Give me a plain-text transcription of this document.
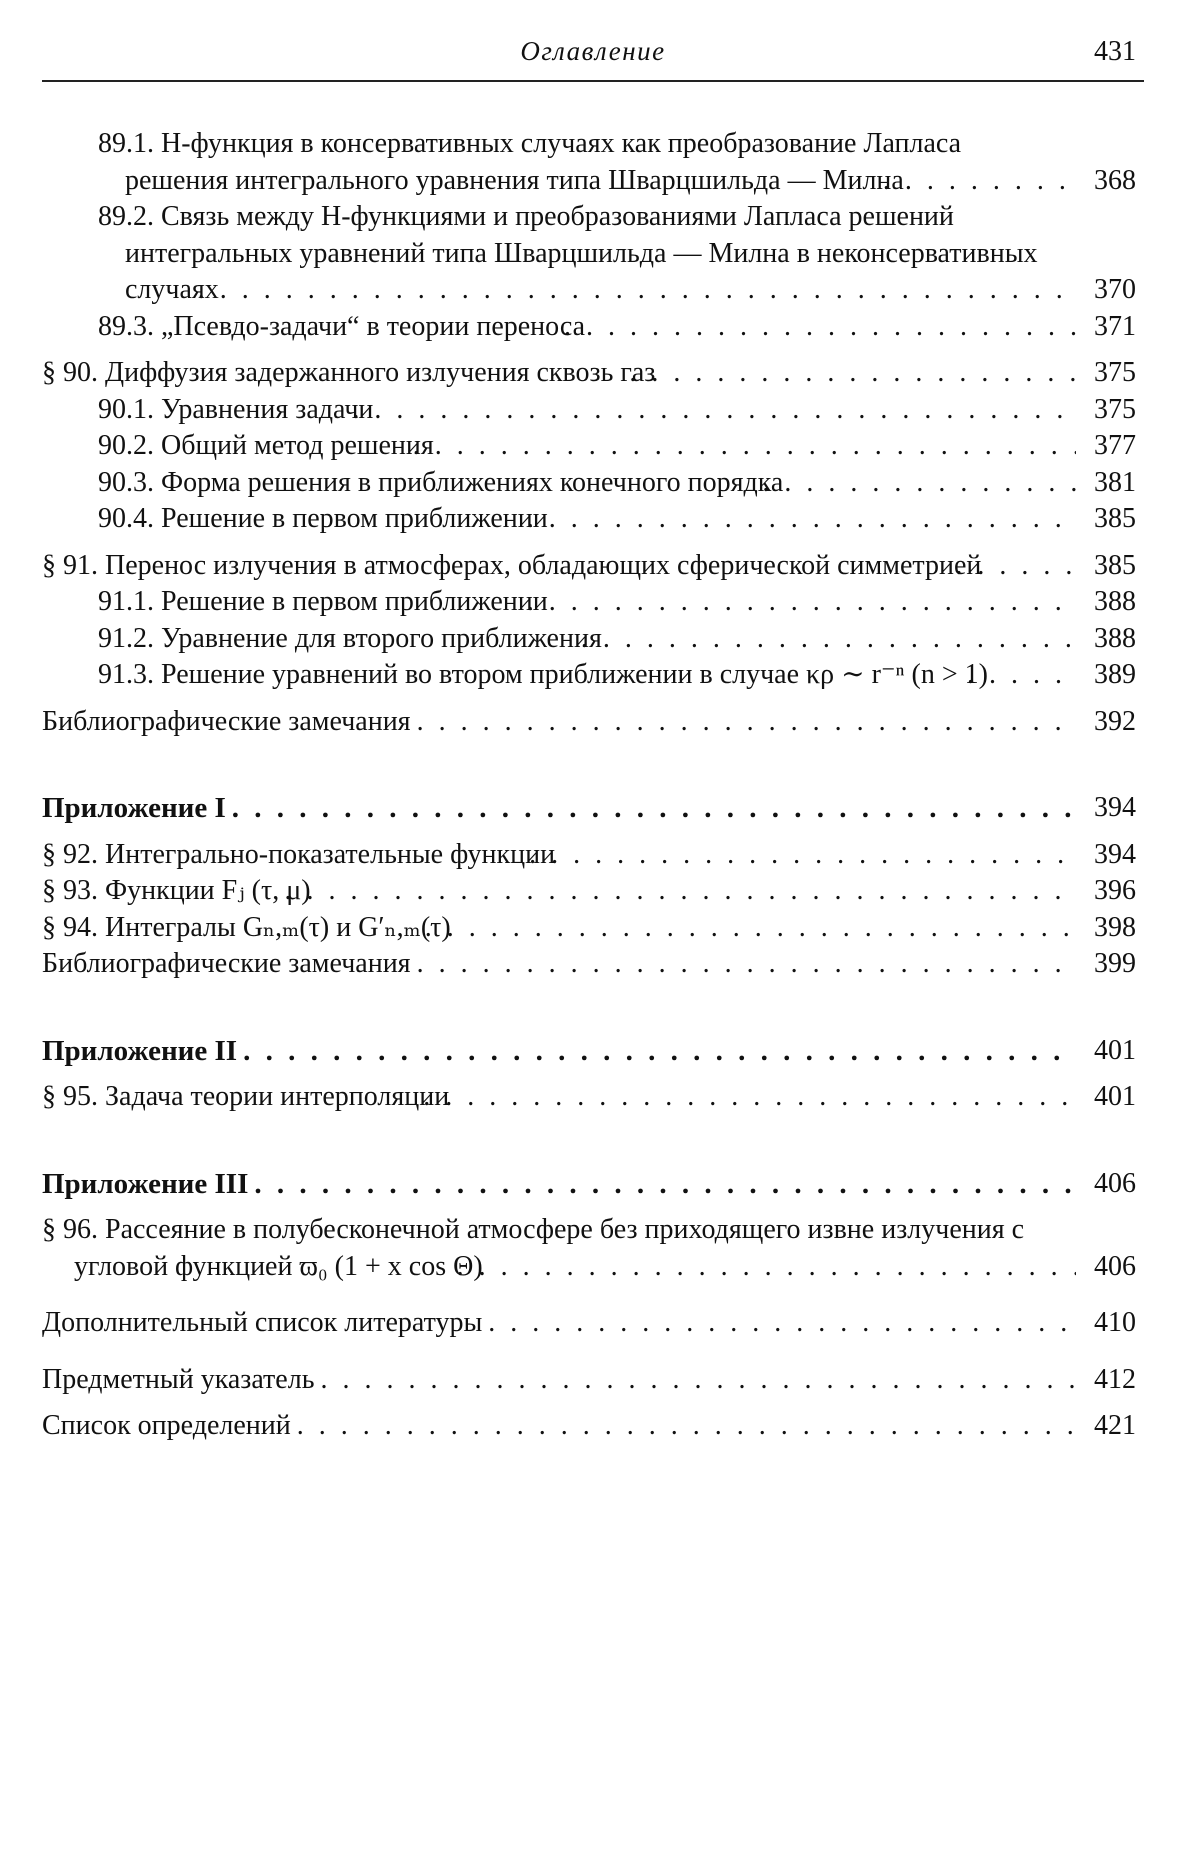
Оглавление	431
89.1. H-функция в консервативных случаях как преобразование Лапласа решения интегрального уравнения типа Шварцшильда — Милна . . .	368
89.2. Связь между H-функциями и преобразованиями Лапласа решений интегральных уравнений типа Шварцшильда — Милна в неконсервативных случаях . . .	370
89.3. „Псевдо-задачи“ в теории переноса . . .	371
§ 90. Диффузия задержанного излучения сквозь газ . . .	375
90.1. Уравнения задачи . . .	375
90.2. Общий метод решения . . .	377
90.3. Форма решения в приближениях конечного порядка . . .	381
90.4. Решение в первом приближении . . .	385
§ 91. Перенос излучения в атмосферах, обладающих сферической симметрией . . .	385
91.1. Решение в первом приближении . . .	388
91.2. Уравнение для второго приближения . . .	388
91.3. Решение уравнений во втором приближении в случае κρ ∼ r⁻ⁿ (n > 1) . . .	389
Библиографические замечания . . .	392
Приложение I . . .	394
§ 92. Интегрально-показательные функции . . .	394
§ 93. Функции Fⱼ (τ, μ) . . .	396
§ 94. Интегралы Gₙ,ₘ(τ) и G′ₙ,ₘ(τ) . . .	398
Библиографические замечания . . .	399
Приложение II . . .	401
§ 95. Задача теории интерполяции . . .	401
Приложение III . . .	406
§ 96. Рассеяние в полубесконечной атмосфере без приходящего извне излучения с угловой функцией ϖ₀ (1 + x cos Θ) . . .	406
Дополнительный список литературы . . .	410
Предметный указатель . . .	412
Список определений . . .	421
